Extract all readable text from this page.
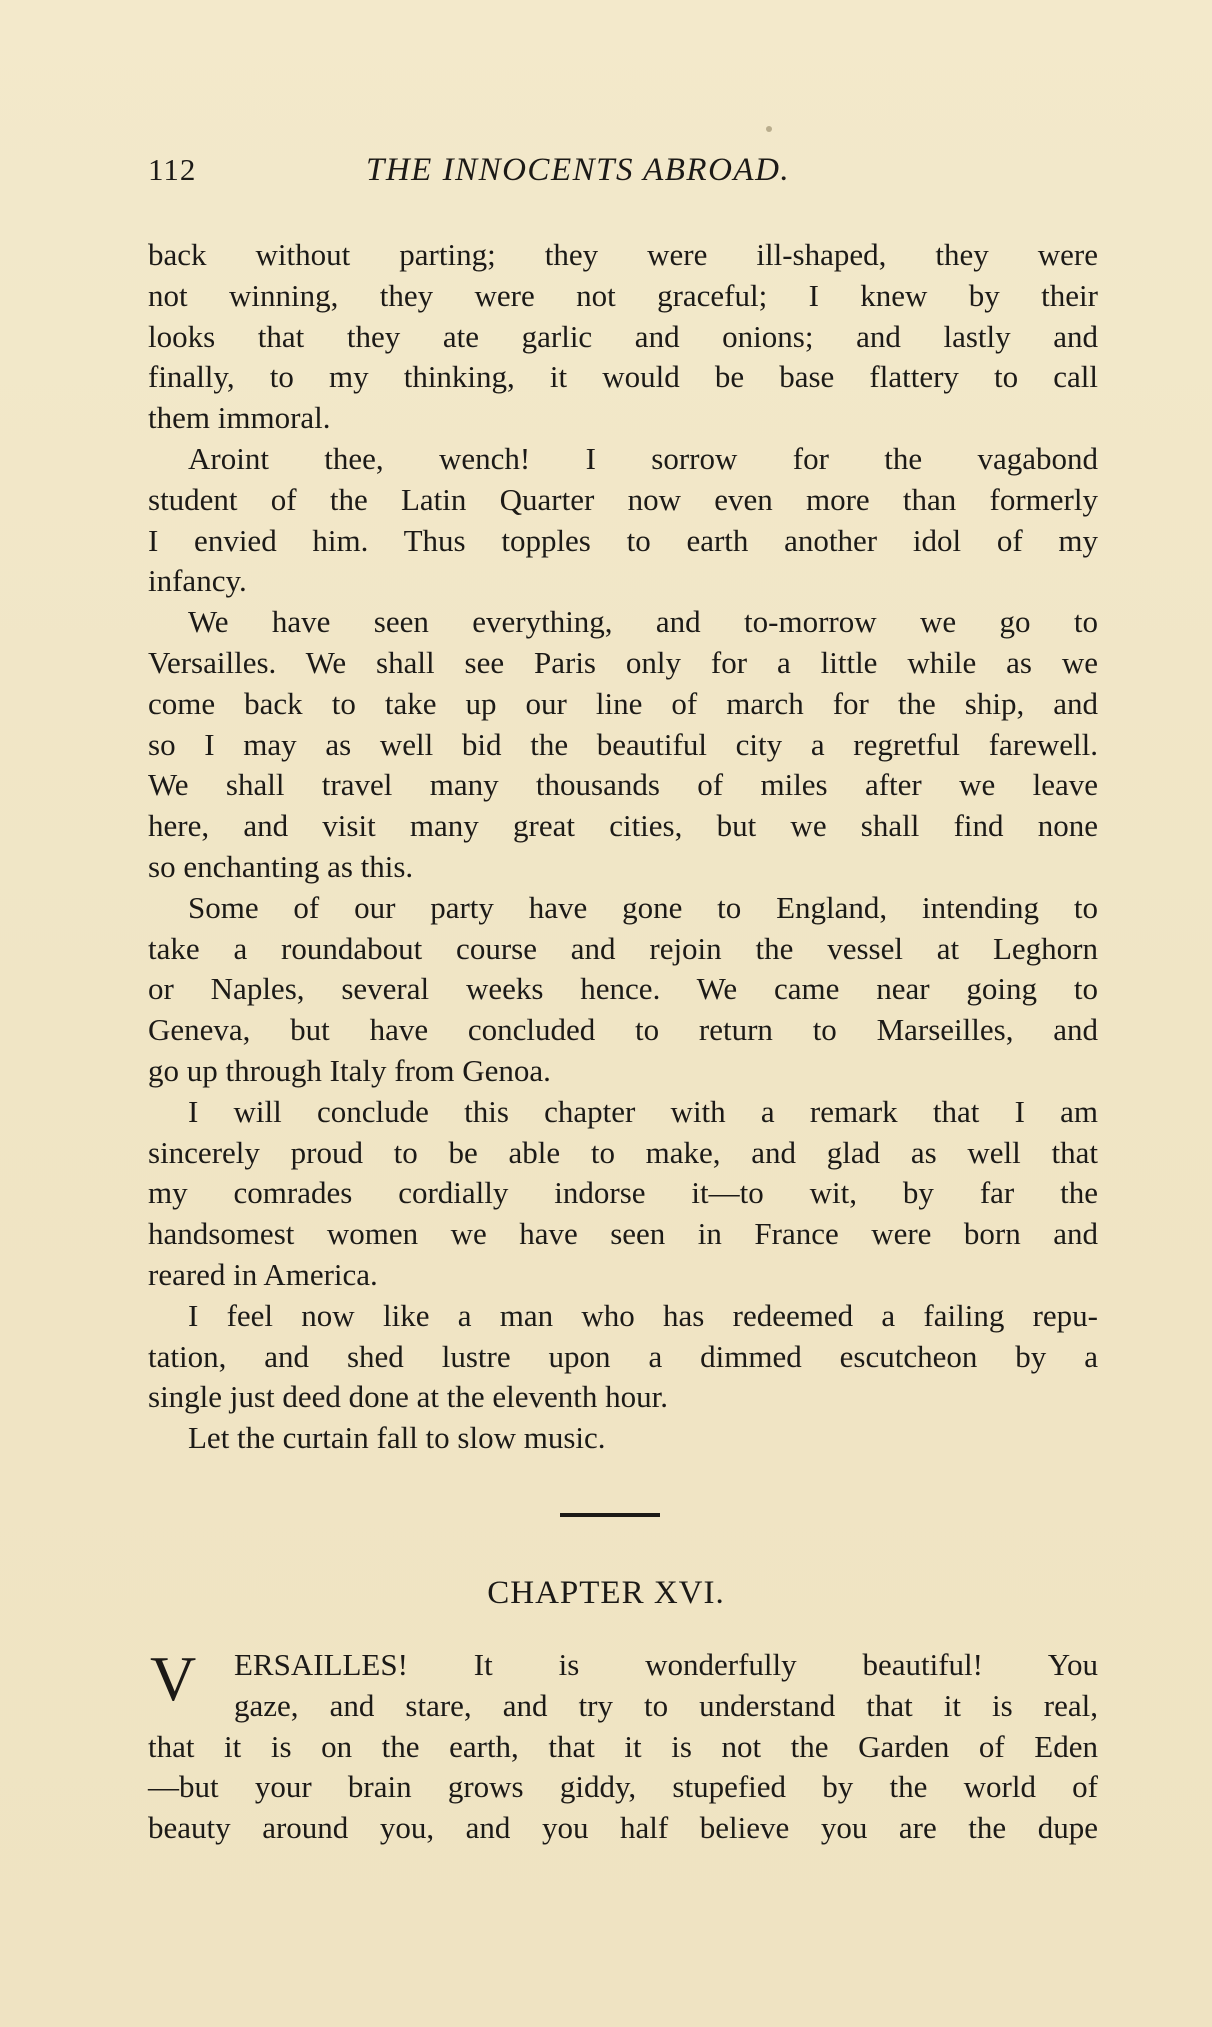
112	THE INNOCENTS ABROAD.
back without parting; they were ill-shaped, they were
not winning, they were not graceful; I knew by their
looks that they ate garlic and onions; and lastly and
finally, to my thinking, it would be base flattery to call
them immoral.
Aroint thee, wench! I sorrow for the vagabond
student of the Latin Quarter now even more than formerly
I envied him. Thus topples to earth another idol of my
infancy.
We have seen everything, and to-morrow we go to
Versailles. We shall see Paris only for a little while as we
come back to take up our line of march for the ship, and
so I may as well bid the beautiful city a regretful farewell.
We shall travel many thousands of miles after we leave
here, and visit many great cities, but we shall find none
so enchanting as this.
Some of our party have gone to England, intending to
take a roundabout course and rejoin the vessel at Leghorn
or Naples, several weeks hence. We came near going to
Geneva, but have concluded to return to Marseilles, and
go up through Italy from Genoa.
I will conclude this chapter with a remark that I am
sincerely proud to be able to make, and glad as well that
my comrades cordially indorse it—to wit, by far the
handsomest women we have seen in France were born and
reared in America.
I feel now like a man who has redeemed a failing repu-
tation, and shed lustre upon a dimmed escutcheon by a
single just deed done at the eleventh hour.
Let the curtain fall to slow music.
CHAPTER XVI.
V	ERSAILLES! It is wonderfully beautiful! You
gaze, and stare, and try to understand that it is real,
that it is on the earth, that it is not the Garden of Eden
—but your brain grows giddy, stupefied by the world of
beauty around you, and you half believe you are the dupe
